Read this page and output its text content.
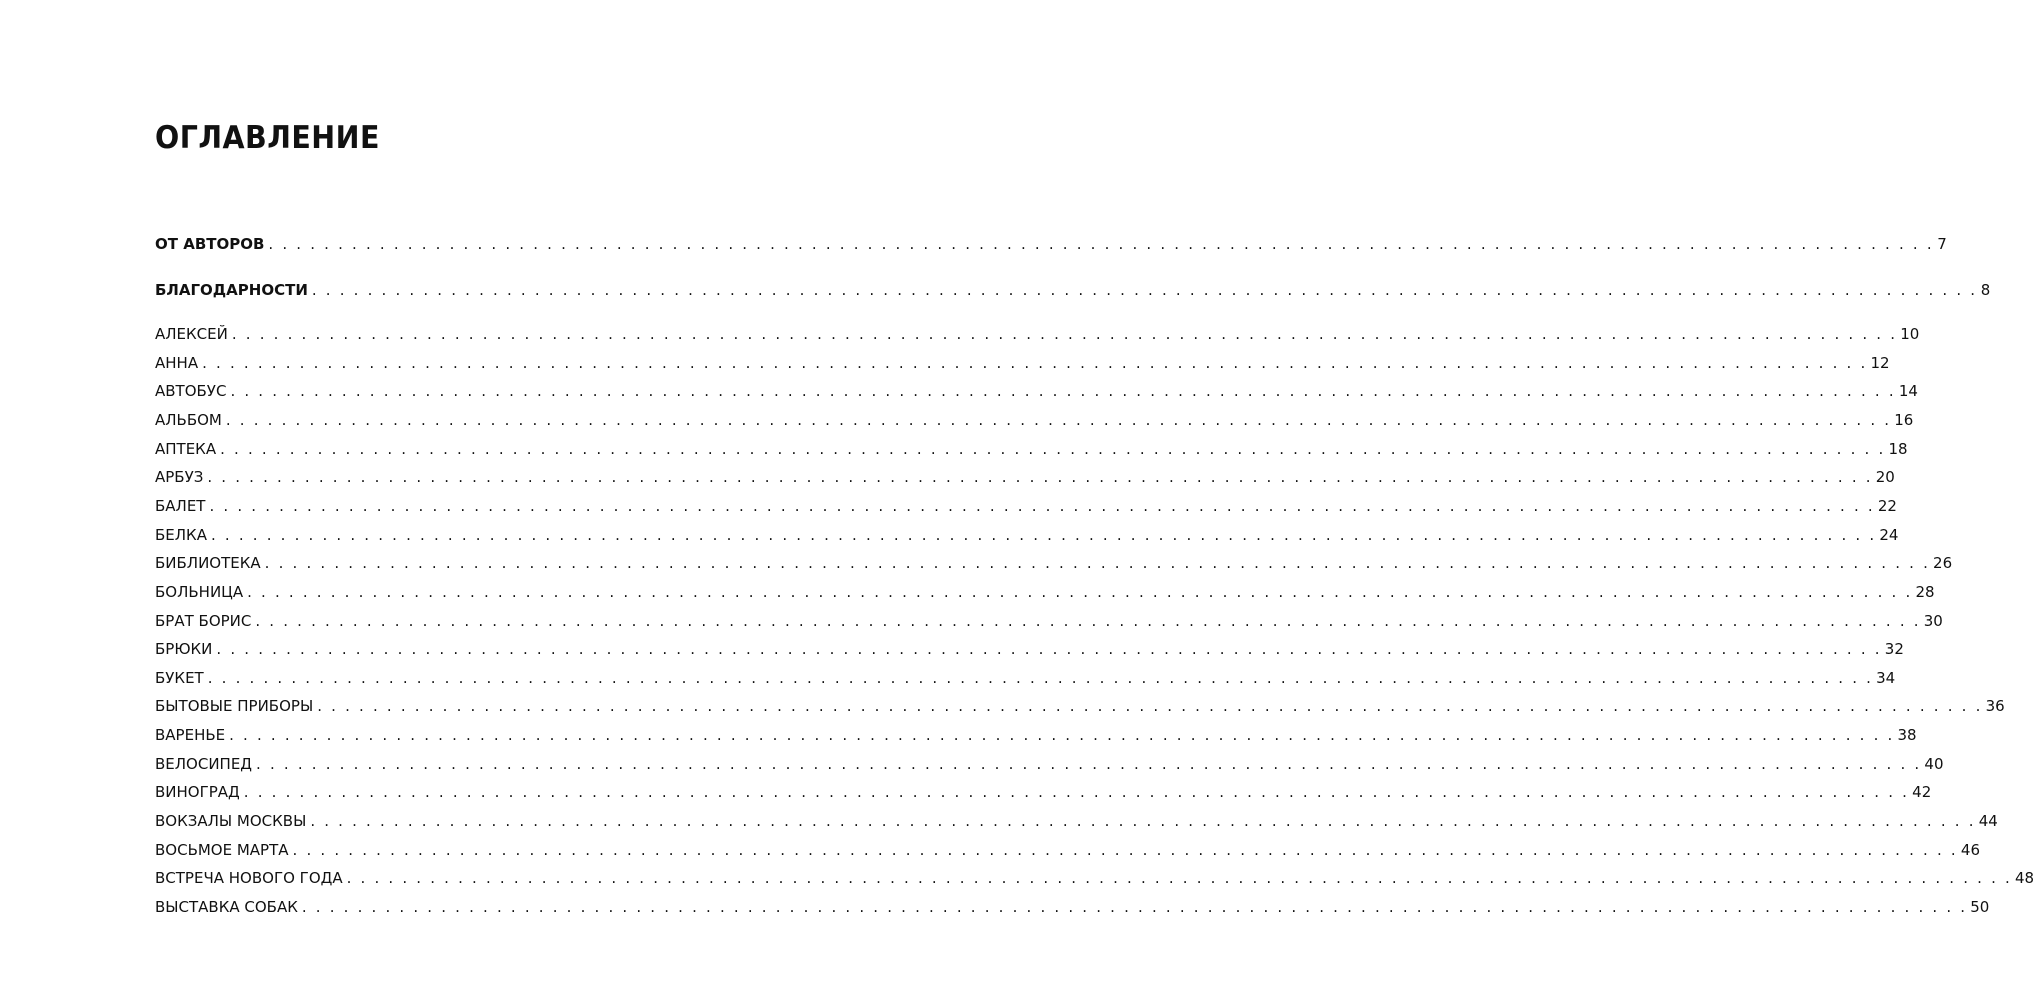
ОГЛАВЛЕНИЕ
ОТ АВТОРОВ . . . . . . . . . . . . . . . . . . . . . . . . . . . . . . . . . . . . . . . . . . . . . . . . . . . . . . . . . . . . . . . . . . . . . . . . . . . . . . . . . . . . . . . . . . . . . . . . . . . . . . . . . . . . . . . . . . . . . . . . 7
БЛАГОДАРНОСТИ . . . . . . . . . . . . . . . . . . . . . . . . . . . . . . . . . . . . . . . . . . . . . . . . . . . . . . . . . . . . . . . . . . . . . . . . . . . . . . . . . . . . . . . . . . . . . . . . . . . . . . . . . . . . . . . . . . . . . . . . 8
АЛЕКСЕЙ . . . . . . . . . . . . . . . . . . . . . . . . . . . . . . . . . . . . . . . . . . . . . . . . . . . . . . . . . . . . . . . . . . . . . . . . . . . . . . . . . . . . . . . . . . . . . . . . . . . . . . . . . . . . . . . . . . . . . . . . 10
АННА . . . . . . . . . . . . . . . . . . . . . . . . . . . . . . . . . . . . . . . . . . . . . . . . . . . . . . . . . . . . . . . . . . . . . . . . . . . . . . . . . . . . . . . . . . . . . . . . . . . . . . . . . . . . . . . . . . . . . . . . 12
АВТОБУС . . . . . . . . . . . . . . . . . . . . . . . . . . . . . . . . . . . . . . . . . . . . . . . . . . . . . . . . . . . . . . . . . . . . . . . . . . . . . . . . . . . . . . . . . . . . . . . . . . . . . . . . . . . . . . . . . . . . . . . . 14
АЛЬБОМ . . . . . . . . . . . . . . . . . . . . . . . . . . . . . . . . . . . . . . . . . . . . . . . . . . . . . . . . . . . . . . . . . . . . . . . . . . . . . . . . . . . . . . . . . . . . . . . . . . . . . . . . . . . . . . . . . . . . . . . . 16
АПТЕКА . . . . . . . . . . . . . . . . . . . . . . . . . . . . . . . . . . . . . . . . . . . . . . . . . . . . . . . . . . . . . . . . . . . . . . . . . . . . . . . . . . . . . . . . . . . . . . . . . . . . . . . . . . . . . . . . . . . . . . . . 18
АРБУЗ . . . . . . . . . . . . . . . . . . . . . . . . . . . . . . . . . . . . . . . . . . . . . . . . . . . . . . . . . . . . . . . . . . . . . . . . . . . . . . . . . . . . . . . . . . . . . . . . . . . . . . . . . . . . . . . . . . . . . . . . 20
БАЛЕТ . . . . . . . . . . . . . . . . . . . . . . . . . . . . . . . . . . . . . . . . . . . . . . . . . . . . . . . . . . . . . . . . . . . . . . . . . . . . . . . . . . . . . . . . . . . . . . . . . . . . . . . . . . . . . . . . . . . . . . . . 22
БЕЛКА . . . . . . . . . . . . . . . . . . . . . . . . . . . . . . . . . . . . . . . . . . . . . . . . . . . . . . . . . . . . . . . . . . . . . . . . . . . . . . . . . . . . . . . . . . . . . . . . . . . . . . . . . . . . . . . . . . . . . . . . 24
БИБЛИОТЕКА . . . . . . . . . . . . . . . . . . . . . . . . . . . . . . . . . . . . . . . . . . . . . . . . . . . . . . . . . . . . . . . . . . . . . . . . . . . . . . . . . . . . . . . . . . . . . . . . . . . . . . . . . . . . . . . . . . . . . . . . 26
БОЛЬНИЦА . . . . . . . . . . . . . . . . . . . . . . . . . . . . . . . . . . . . . . . . . . . . . . . . . . . . . . . . . . . . . . . . . . . . . . . . . . . . . . . . . . . . . . . . . . . . . . . . . . . . . . . . . . . . . . . . . . . . . . . . 28
БРАТ БОРИС . . . . . . . . . . . . . . . . . . . . . . . . . . . . . . . . . . . . . . . . . . . . . . . . . . . . . . . . . . . . . . . . . . . . . . . . . . . . . . . . . . . . . . . . . . . . . . . . . . . . . . . . . . . . . . . . . . . . . . . . 30
БРЮКИ . . . . . . . . . . . . . . . . . . . . . . . . . . . . . . . . . . . . . . . . . . . . . . . . . . . . . . . . . . . . . . . . . . . . . . . . . . . . . . . . . . . . . . . . . . . . . . . . . . . . . . . . . . . . . . . . . . . . . . . . 32
БУКЕТ . . . . . . . . . . . . . . . . . . . . . . . . . . . . . . . . . . . . . . . . . . . . . . . . . . . . . . . . . . . . . . . . . . . . . . . . . . . . . . . . . . . . . . . . . . . . . . . . . . . . . . . . . . . . . . . . . . . . . . . . 34
БЫТОВЫЕ ПРИБОРЫ . . . . . . . . . . . . . . . . . . . . . . . . . . . . . . . . . . . . . . . . . . . . . . . . . . . . . . . . . . . . . . . . . . . . . . . . . . . . . . . . . . . . . . . . . . . . . . . . . . . . . . . . . . . . . . . . . . . . . . . . 36
ВАРЕНЬЕ . . . . . . . . . . . . . . . . . . . . . . . . . . . . . . . . . . . . . . . . . . . . . . . . . . . . . . . . . . . . . . . . . . . . . . . . . . . . . . . . . . . . . . . . . . . . . . . . . . . . . . . . . . . . . . . . . . . . . . . . 38
ВЕЛОСИПЕД . . . . . . . . . . . . . . . . . . . . . . . . . . . . . . . . . . . . . . . . . . . . . . . . . . . . . . . . . . . . . . . . . . . . . . . . . . . . . . . . . . . . . . . . . . . . . . . . . . . . . . . . . . . . . . . . . . . . . . . . 40
ВИНОГРАД . . . . . . . . . . . . . . . . . . . . . . . . . . . . . . . . . . . . . . . . . . . . . . . . . . . . . . . . . . . . . . . . . . . . . . . . . . . . . . . . . . . . . . . . . . . . . . . . . . . . . . . . . . . . . . . . . . . . . . . . 42
ВОКЗАЛЫ МОСКВЫ . . . . . . . . . . . . . . . . . . . . . . . . . . . . . . . . . . . . . . . . . . . . . . . . . . . . . . . . . . . . . . . . . . . . . . . . . . . . . . . . . . . . . . . . . . . . . . . . . . . . . . . . . . . . . . . . . . . . . . . . 44
ВОСЬМОЕ МАРТА . . . . . . . . . . . . . . . . . . . . . . . . . . . . . . . . . . . . . . . . . . . . . . . . . . . . . . . . . . . . . . . . . . . . . . . . . . . . . . . . . . . . . . . . . . . . . . . . . . . . . . . . . . . . . . . . . . . . . . . . 46
ВСТРЕЧА НОВОГО ГОДА . . . . . . . . . . . . . . . . . . . . . . . . . . . . . . . . . . . . . . . . . . . . . . . . . . . . . . . . . . . . . . . . . . . . . . . . . . . . . . . . . . . . . . . . . . . . . . . . . . . . . . . . . . . . . . . . . . . . . . . . 48
ВЫСТАВКА СОБАК . . . . . . . . . . . . . . . . . . . . . . . . . . . . . . . . . . . . . . . . . . . . . . . . . . . . . . . . . . . . . . . . . . . . . . . . . . . . . . . . . . . . . . . . . . . . . . . . . . . . . . . . . . . . . . . . . . . . . . . . 50
